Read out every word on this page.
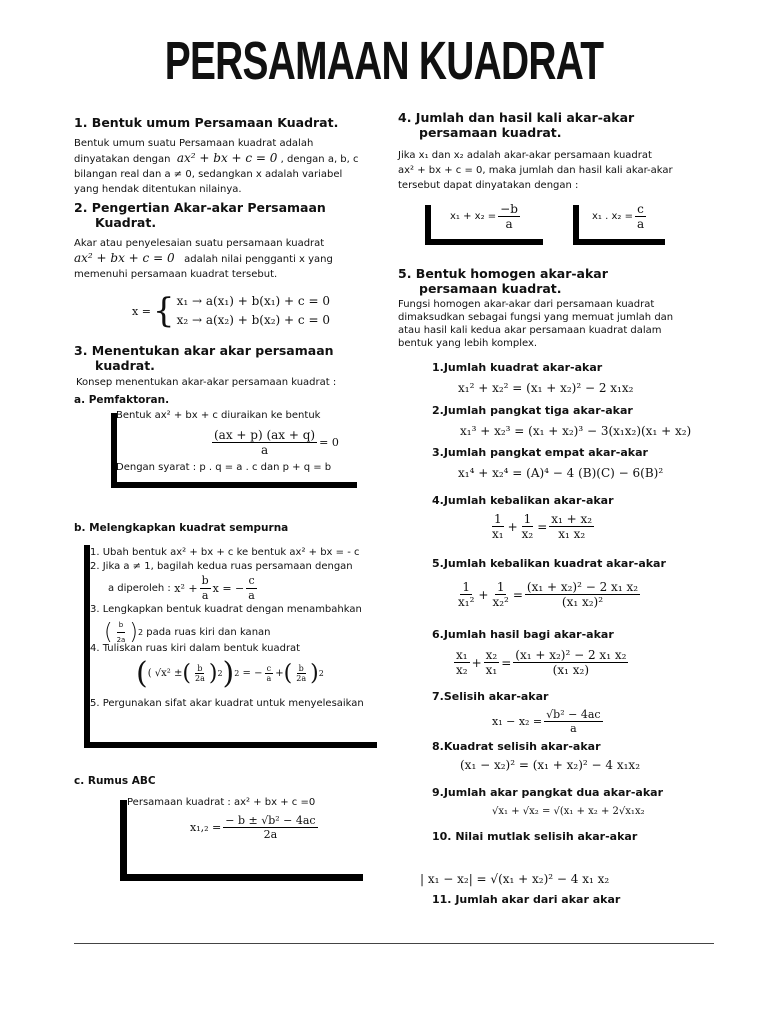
PERSAMAAN KUADRAT
1. Bentuk umum Persamaan Kuadrat.
Bentuk umum suatu Persamaan kuadrat adalah
dinyatakan dengan ax² + bx + c = 0 , dengan a, b, c
bilangan real dan a ≠ 0, sedangkan x adalah variabel
yang hendak ditentukan nilainya.
2. Pengertian Akar-akar Persamaan
Kuadrat.
Akar atau penyelesaian suatu persamaan kuadrat
ax² + bx + c = 0 adalah nilai pengganti x yang
memenuhi persamaan kuadrat tersebut.
x = { x₁ → a(x₁) + b(x₁) + c = 0
x₂ → a(x₂) + b(x₂) + c = 0
3. Menentukan akar akar persamaan
kuadrat.
Konsep menentukan akar-akar persamaan kuadrat :
a. Pemfaktoran.
Bentuk ax² + bx + c diuraikan ke bentuk
$\frac{(ax + p) (ax + q)}{a} = 0$
Dengan syarat : p . q = a . c dan p + q = b
b. Melengkapkan kuadrat sempurna
1. Ubah bentuk ax² + bx + c ke bentuk ax² + bx = - c
2. Jika a ≠ 1, bagilah kedua ruas persamaan dengan
a diperoleh :
$x^2 + \frac{b}{a}$ x = − $\frac{c}{a}$
3. Lengkapkan bentuk kuadrat dengan menambahkan
( $\frac{b}{2a}$ ) 2
pada ruas kiri dan kanan
4. Tuliskan ruas kiri dalam bentuk kuadrat
( ( √x² ± ( $\frac{b}{2a}$ ) 2 ) 2
= − $\frac{c}{a}$ + ( $\frac{b}{2a}$ ) 2
5. Pergunakan sifat akar kuadrat untuk menyelesaikan
c. Rumus ABC
Persamaan kuadrat : ax² + bx + c =0
$x_1,_2 = \frac{\text{− b ± √b² − 4ac}}{2a}$
4. Jumlah dan hasil kali akar-akar
persamaan kuadrat.
Jika x₁ dan x₂ adalah akar-akar persamaan kuadrat
ax² + bx + c = 0, maka jumlah dan hasil kali akar-akar
tersebut dapat dinyatakan dengan :
$x_1 + x_2 = \frac{-b}{a}$	x₁ . $x_2 = \frac{c}{a}$
5. Bentuk homogen akar-akar
persamaan kuadrat.
Fungsi homogen akar-akar dari persamaan kuadrat
dimaksudkan sebagai fungsi yang memuat jumlah dan
atau hasil kali kedua akar persamaan kuadrat dalam
bentuk yang lebih komplex.
1.Jumlah kuadrat akar-akar
x₁² + x₂² = (x₁ + x₂)² − 2 x₁x₂
2.Jumlah pangkat tiga akar-akar
x₁³ + x₂³ = (x₁ + x₂)³ − 3(x₁x₂)(x₁ + x₂)
3.Jumlah pangkat empat akar-akar
x₁⁴ + x₂⁴ = (A)⁴ − 4 (B)(C) − 6(B)²
4.Jumlah kebalikan akar-akar
$\frac{1}{\text{x₁}} + \frac{1}{\text{x₂}} = \frac{\text{x₁ + x₂}}{\text{x₁ x₂}}$
5.Jumlah kebalikan kuadrat akar-akar
$\frac{1}{\text{x₁²}} + \frac{1}{\text{x₂²}} = \frac{\text{(x₁ + x₂)² − 2 x₁ x₂}}{\text{(x₁ x₂)²}}$
6.Jumlah hasil bagi akar-akar
$\frac{\text{x₁}}{\text{x₂}} + \frac{\text{x₂}}{\text{x₁}} = \frac{\text{(x₁ + x₂)² − 2 x₁ x₂}}{\text{(x₁ x₂)}}$
7.Selisih akar-akar
$x_1 - x_2 = \frac{\text{√b² − 4ac}}{a}$
8.Kuadrat selisih akar-akar
(x₁ − x₂)² = (x₁ + x₂)² − 4 x₁x₂
9.Jumlah akar pangkat dua akar-akar
√x₁ + √x₂ = √(x₁ + x₂ + 2√x₁x₂
10. Nilai mutlak selisih akar-akar
| x₁ − x₂| = √(x₁ + x₂)² − 4 x₁ x₂
11. Jumlah akar dari akar akar
